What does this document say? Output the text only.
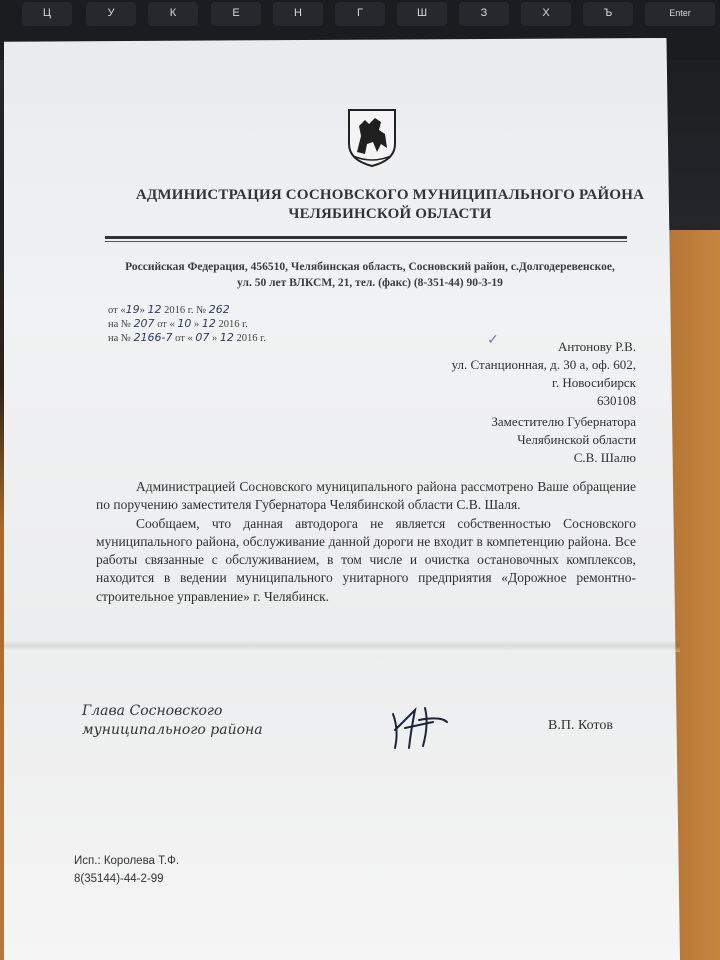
Ц	У	К	Е	Н	Г	Ш	З	Х	Ъ	Enter
АДМИНИСТРАЦИЯ СОСНОВСКОГО МУНИЦИПАЛЬНОГО РАЙОНА
ЧЕЛЯБИНСКОЙ ОБЛАСТИ
Российская Федерация, 456510, Челябинская область, Сосновский район, с.Долгодеревенское,
ул. 50 лет ВЛКСМ, 21, тел. (факс) (8-351-44) 90-3-19
от «19» 12 2016 г. № 262
на № 207 от « 10 » 12 2016 г.
на № 2166-7 от « 07 » 12 2016 г.	✓	Антонову Р.В.
ул. Станционная, д. 30 а, оф. 602,
г. Новосибирск
630108
Заместителю Губернатора
Челябинской области
С.В. Шалю

Администрацией Сосновского муниципального района рассмотрено Ваше обращение по поручению заместителя Губернатора Челябинской области С.В. Шаля.

Сообщаем, что данная автодорога не является собственностью Сосновского муниципального района, обслуживание данной дороги не входит в компетенцию района. Все работы связанные с обслуживанием, в том числе и очистка остановочных комплексов, находится в ведении муниципального унитарного предприятия «Дорожное ремонтно-строительное управление» г. Челябинск.

Глава Сосновского
муниципального района	В.П. Котов
Исп.: Королева Т.Ф.
8(35144)-44-2-99
